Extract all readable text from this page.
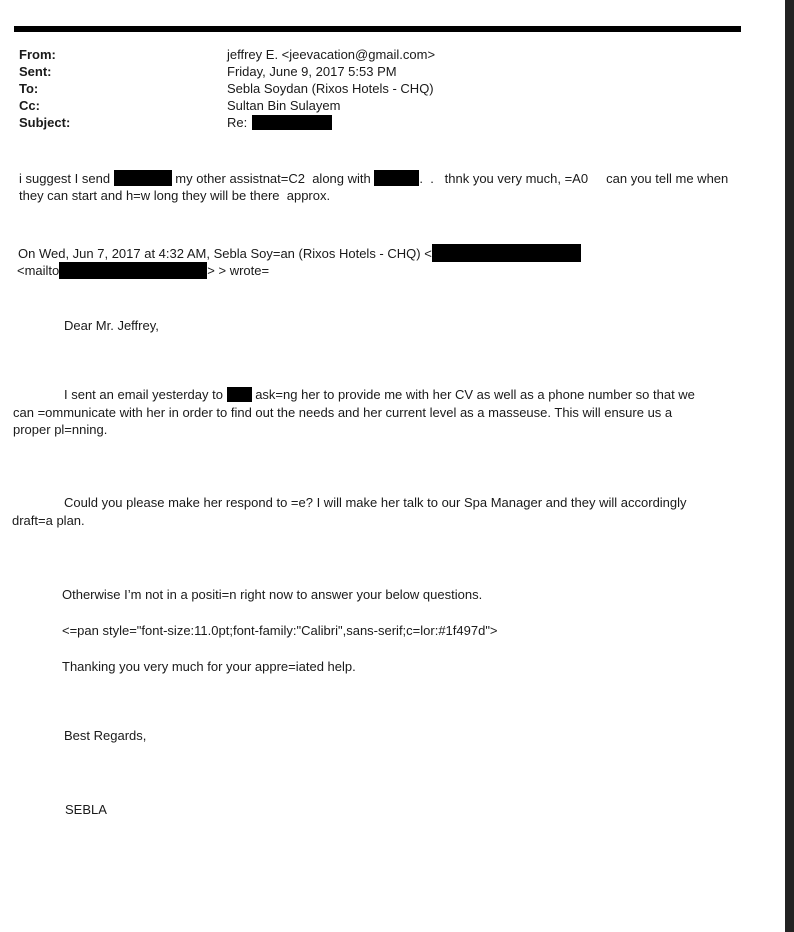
From:	jeffrey E. <jeevacation@gmail.com>
Sent:	Friday, June 9, 2017 5:53 PM
To:	Sebla Soydan (Rixos Hotels - CHQ)
Cc:	Sultan Bin Sulayem
Subject:	Re:
i suggest I send	my other assistnat=C2  along with	.  .   thnk you very much, =A0     can you tell me when
they can start and h=w long they will be there  approx.
On Wed, Jun 7, 2017 at 4:32 AM, Sebla Soy=an (Rixos Hotels - CHQ) <
<mailto	> > wrote=
Dear Mr. Jeffrey,
I sent an email yesterday to  ask=ng her to provide me with her CV as well as a phone number so that we
can =ommunicate with her in order to find out the needs and her current level as a masseuse. This will ensure us a
proper pl=nning.
Could you please make her respond to =e? I will make her talk to our Spa Manager and they will accordingly
draft=a plan.
Otherwise I’m not in a positi=n right now to answer your below questions.
<=pan style="font-size:11.0pt;font-family:"Calibri",sans-serif;c=lor:#1f497d">
Thanking you very much for your appre=iated help.
Best Regards,
SEBLA
